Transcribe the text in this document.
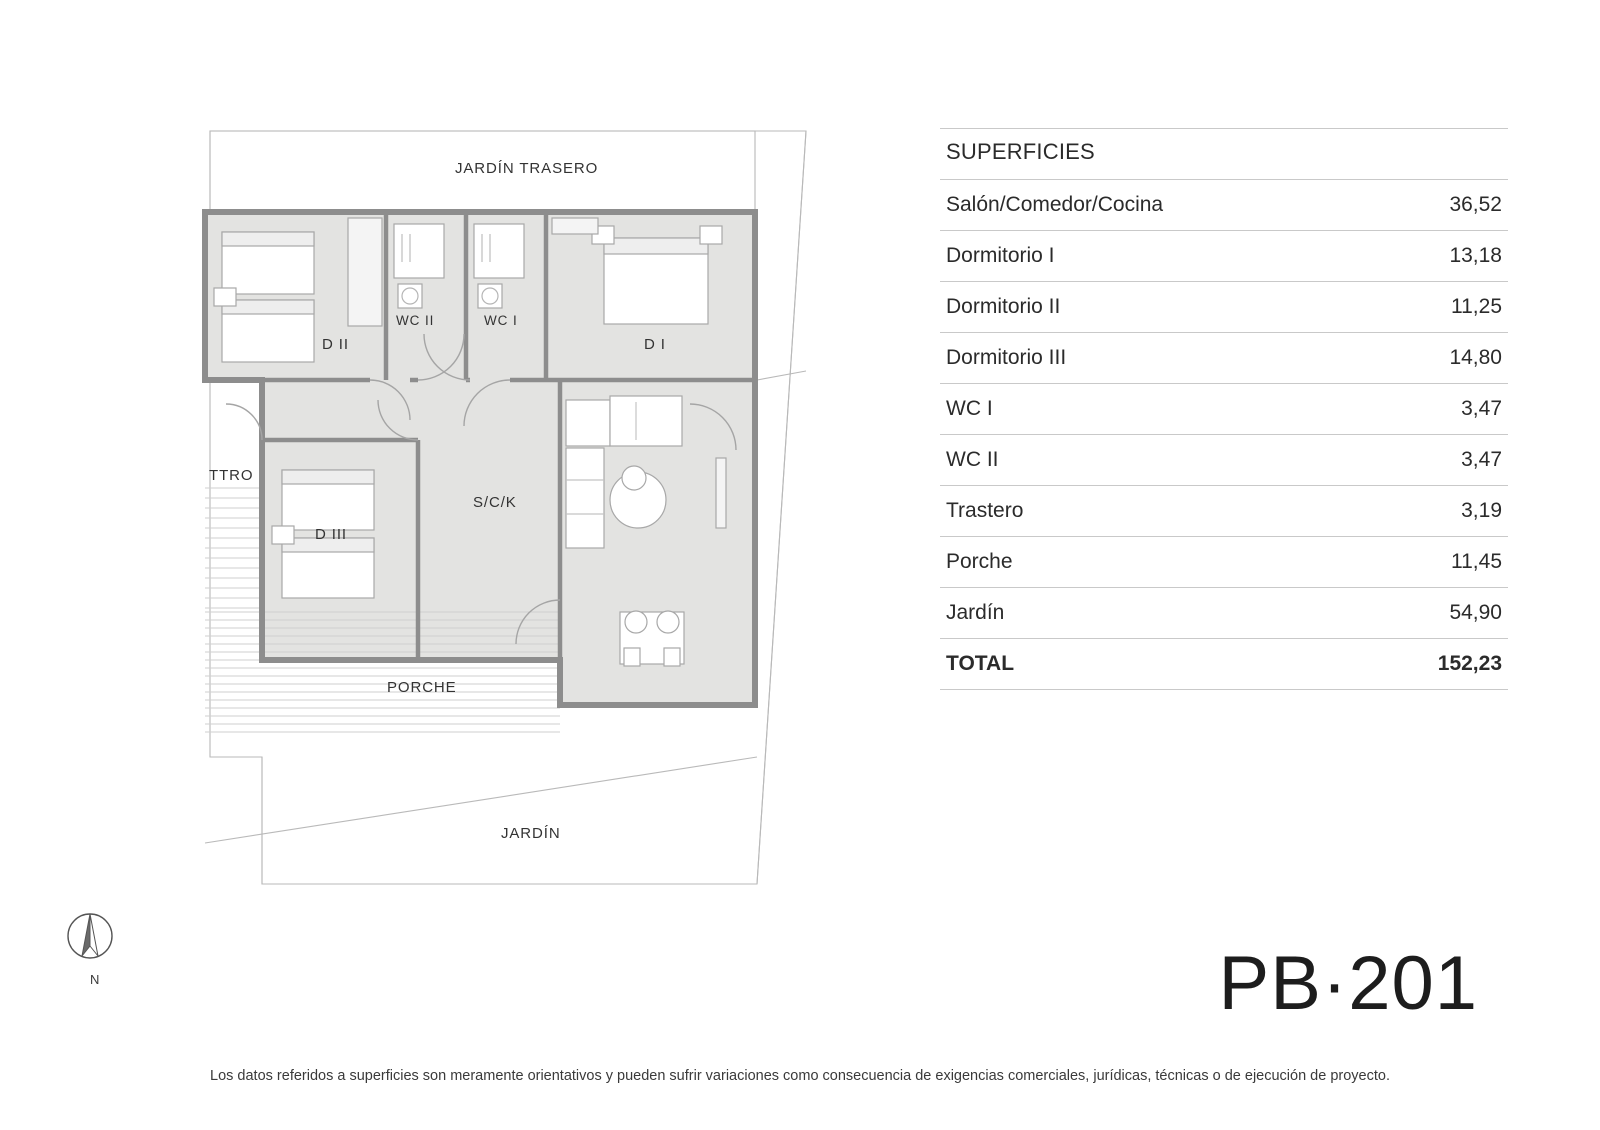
JARDÍN TRASERO
D II
WC II	WC I
D I
TTRO
D III
S/C/K
PORCHE
JARDÍN
N
SUPERFICIES
Salón/Comedor/Cocina	36,52
Dormitorio I	13,18
Dormitorio II	11,25
Dormitorio III	14,80
WC I	3,47
WC II	3,47
Trastero	3,19
Porche	11,45
Jardín	54,90
TOTAL	152,23
PB·201
Los datos referidos a superficies son meramente orientativos y pueden sufrir variaciones como consecuencia de exigencias comerciales, jurídicas, técnicas o de ejecución de proyecto.
